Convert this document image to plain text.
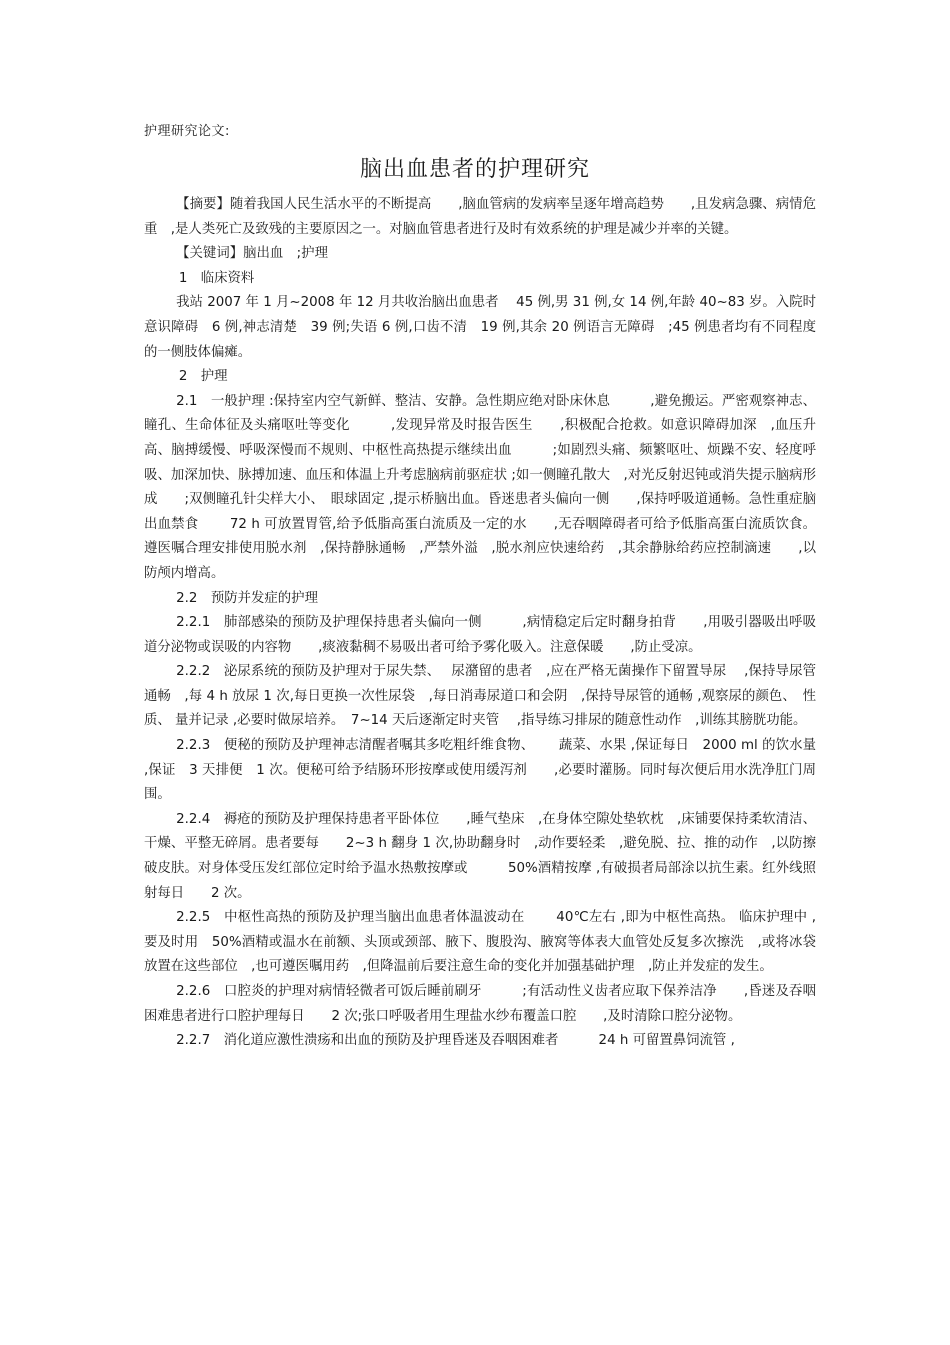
护理研究论文:
脑出血患者的护理研究

【摘要】随着我国人民生活水平的不断提高　　,脑血管病的发病率呈逐年增高趋势　　,且发病急骤、病情危重　,是人类死亡及致残的主要原因之一。对脑血管患者进行及时有效系统的护理是减少并率的关键。

【关键词】脑出血　;护理

1　临床资料

我站 2007 年 1 月~2008 年 12 月共收治脑出血患者　 45 例,男 31 例,女 14 例,年龄 40~83 岁。入院时意识障碍　6 例,神志清楚　39 例;失语 6 例,口齿不清　19 例,其余 20 例语言无障碍　;45 例患者均有不同程度的一侧肢体偏瘫。

2　护理

2.1　一般护理 :保持室内空气新鲜、整洁、安静。急性期应绝对卧床休息　　　,避免搬运。严密观察神志、瞳孔、生命体征及头痛呕吐等变化　　　,发现异常及时报告医生　　,积极配合抢救。如意识障碍加深　,血压升高、脑搏缓慢、呼吸深慢而不规则、中枢性高热提示继续出血　　　;如剧烈头痛、频繁呕吐、烦躁不安、轻度呼吸、加深加快、脉搏加速、血压和体温上升考虑脑病前驱症状 ;如一侧瞳孔散大　,对光反射迟钝或消失提示脑病形成　　;双侧瞳孔针尖样大小、　眼球固定 ,提示桥脑出血。昏迷患者头偏向一侧　　,保持呼吸道通畅。急性重症脑出血禁食　　 72 h 可放置胃管,给予低脂高蛋白流质及一定的水　　,无吞咽障碍者可给予低脂高蛋白流质饮食。遵医嘱合理安排使用脱水剂　,保持静脉通畅　,严禁外溢　,脱水剂应快速给药　,其余静脉给药应控制滴速　　,以防颅内增高。

2.2　预防并发症的护理

2.2.1　肺部感染的预防及护理保持患者头偏向一侧　　　,病情稳定后定时翻身拍背　　,用吸引器吸出呼吸道分泌物或误吸的内容物　　,痰液黏稠不易吸出者可给予雾化吸入。注意保暖　　,防止受凉。

2.2.2　泌尿系统的预防及护理对于尿失禁、　 尿潴留的患者　,应在严格无菌操作下留置导尿　 ,保持导尿管通畅　,每 4 h 放尿 1 次,每日更换一次性尿袋　,每日消毒尿道口和会阴　,保持导尿管的通畅 ,观察尿的颜色、　性质、 量并记录 ,必要时做尿培养。　7~14 天后逐渐定时夹管　 ,指导练习排尿的随意性动作　,训练其膀胱功能。

2.2.3　便秘的预防及护理神志清醒者嘱其多吃粗纤维食物、　　 蔬菜、水果 ,保证每日　2000 ml 的饮水量 ,保证　3 天排便　1 次。便秘可给予结肠环形按摩或使用缓泻剂　　,必要时灌肠。同时每次便后用水洗净肛门周围。

2.2.4　褥疮的预防及护理保持患者平卧体位　　,睡气垫床　,在身体空隙处垫软枕　,床铺要保持柔软清洁、干燥、平整无碎屑。患者要每　　2~3 h 翻身 1 次,协助翻身时　,动作要轻柔　,避免脱、拉、推的动作　,以防擦破皮肤。对身体受压发红部位定时给予温水热敷按摩或　　　50%酒精按摩 ,有破损者局部涂以抗生素。红外线照射每日　　2 次。

2.2.5　中枢性高热的预防及护理当脑出血患者体温波动在　　 40℃左右 ,即为中枢性高热。 临床护理中 ,要及时用　50%酒精或温水在前额、头顶或颈部、腋下、腹股沟、腋窝等体表大血管处反复多次擦洗　,或将冰袋放置在这些部位　,也可遵医嘱用药　,但降温前后要注意生命的变化并加强基础护理　,防止并发症的发生。

2.2.6　口腔炎的护理对病情轻微者可饭后睡前刷牙　　　;有活动性义齿者应取下保养洁净　　,昏迷及吞咽困难患者进行口腔护理每日　　2 次;张口呼吸者用生理盐水纱布覆盖口腔　　,及时清除口腔分泌物。

2.2.7　消化道应激性溃疡和出血的预防及护理昏迷及吞咽困难者　　　24 h 可留置鼻饲流管 ,
